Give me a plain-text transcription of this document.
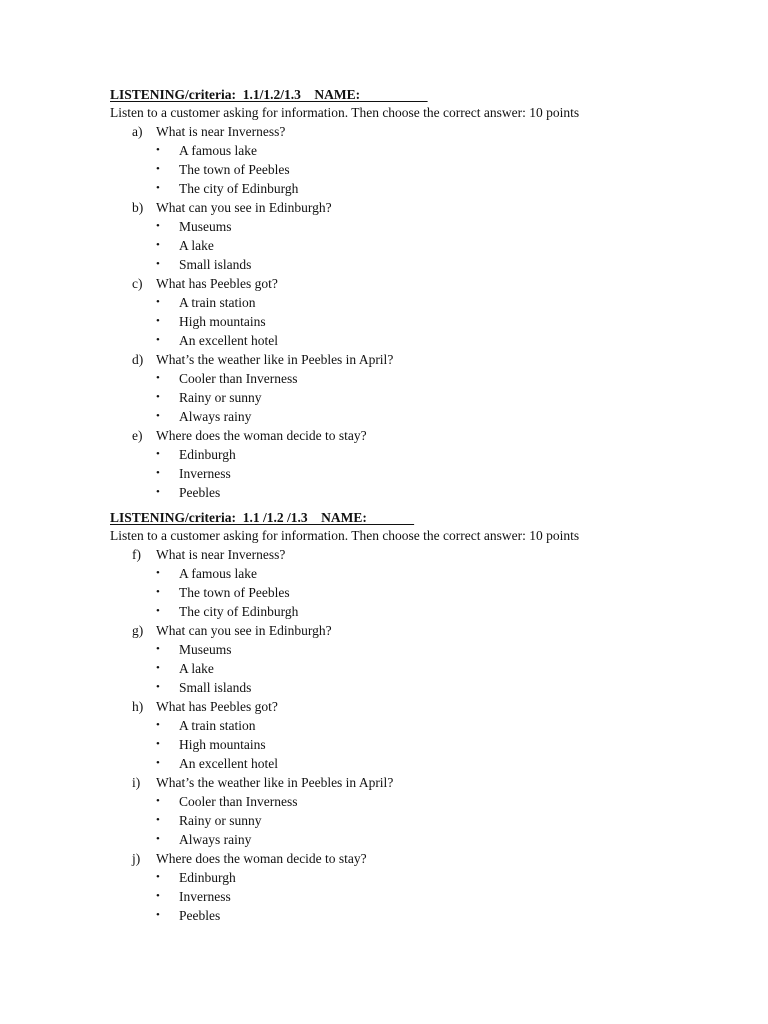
LISTENING/criteria:  1.1/1.2/1.3    NAME:
Listen to a customer asking for information. Then choose the correct answer: 10 points
a) What is near Inverness?
• A famous lake
• The town of Peebles
• The city of Edinburgh
b) What can you see in Edinburgh?
• Museums
• A lake
• Small islands
c) What has Peebles got?
• A train station
• High mountains
• An excellent hotel
d) What’s the weather like in Peebles in April?
• Cooler than Inverness
• Rainy or sunny
• Always rainy
e) Where does the woman decide to stay?
• Edinburgh
• Inverness
• Peebles
LISTENING/criteria:  1.1 /1.2 /1.3    NAME:
Listen to a customer asking for information. Then choose the correct answer: 10 points
f) What is near Inverness?
• A famous lake
• The town of Peebles
• The city of Edinburgh
g) What can you see in Edinburgh?
• Museums
• A lake
• Small islands
h) What has Peebles got?
• A train station
• High mountains
• An excellent hotel
i) What’s the weather like in Peebles in April?
• Cooler than Inverness
• Rainy or sunny
• Always rainy
j) Where does the woman decide to stay?
• Edinburgh
• Inverness
• Peebles
